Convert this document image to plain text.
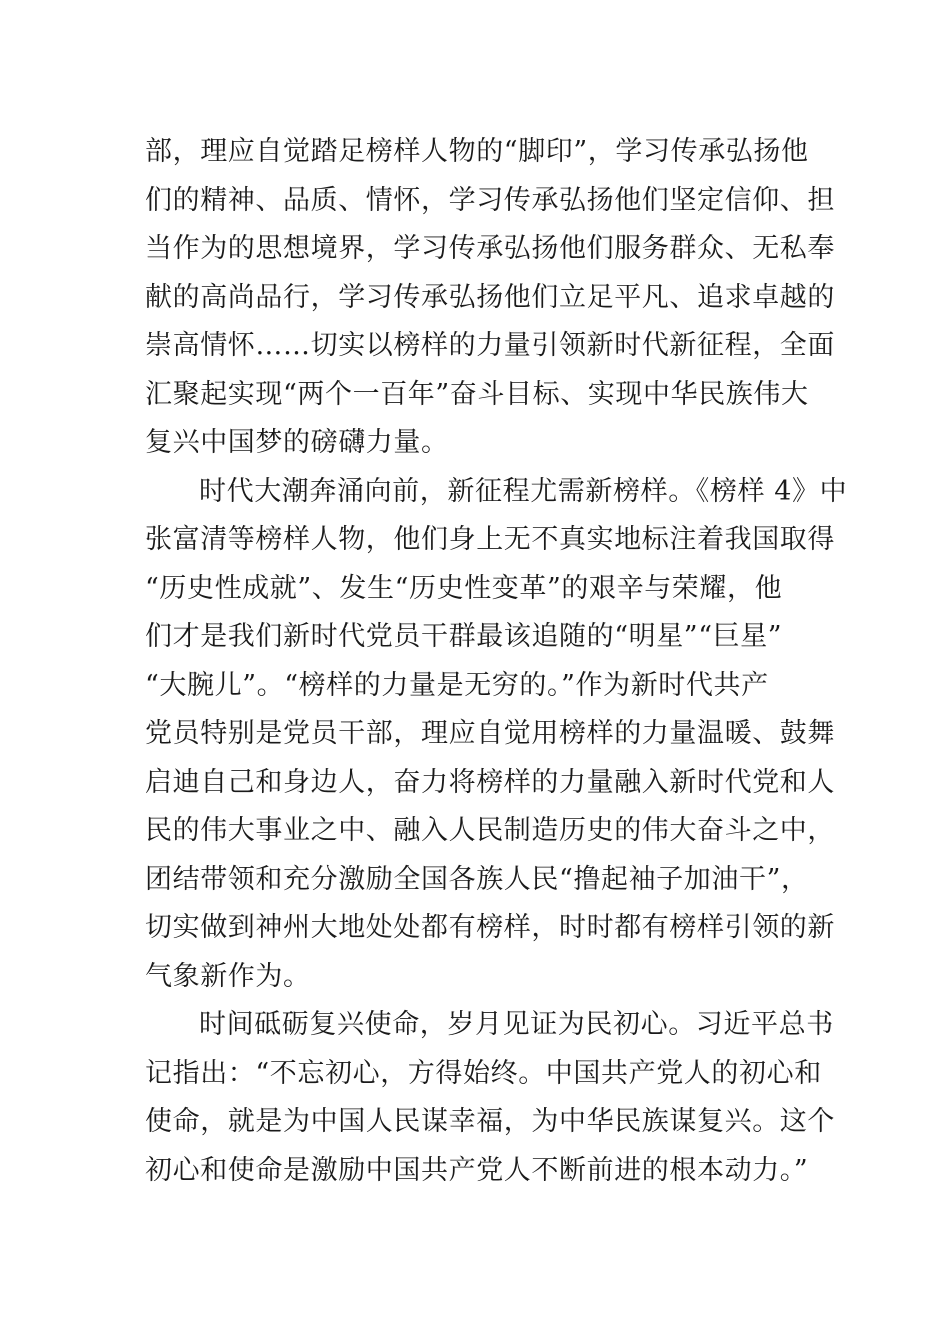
部，理应自觉踏足榜样人物的“脚印”，学习传承弘扬他
们的精神、品质、情怀，学习传承弘扬他们坚定信仰、担
当作为的思想境界，学习传承弘扬他们服务群众、无私奉
献的高尚品行，学习传承弘扬他们立足平凡、追求卓越的
崇高情怀……切实以榜样的力量引领新时代新征程，全面
汇聚起实现“两个一百年”奋斗目标、实现中华民族伟大
复兴中国梦的磅礴力量。

时代大潮奔涌向前，新征程尤需新榜样。《榜样 4》中
张富清等榜样人物，他们身上无不真实地标注着我国取得
“历史性成就”、发生“历史性变革”的艰辛与荣耀，他
们才是我们新时代党员干群最该追随的“明星”“巨星”
“大腕儿”。“榜样的力量是无穷的。”作为新时代共产
党员特别是党员干部，理应自觉用榜样的力量温暖、鼓舞
启迪自己和身边人，奋力将榜样的力量融入新时代党和人
民的伟大事业之中、融入人民制造历史的伟大奋斗之中，
团结带领和充分激励全国各族人民“撸起袖子加油干”，
切实做到神州大地处处都有榜样，时时都有榜样引领的新
气象新作为。

时间砥砺复兴使命，岁月见证为民初心。习近平总书
记指出：“不忘初心，方得始终。中国共产党人的初心和
使命，就是为中国人民谋幸福，为中华民族谋复兴。这个
初心和使命是激励中国共产党人不断前进的根本动力。”
